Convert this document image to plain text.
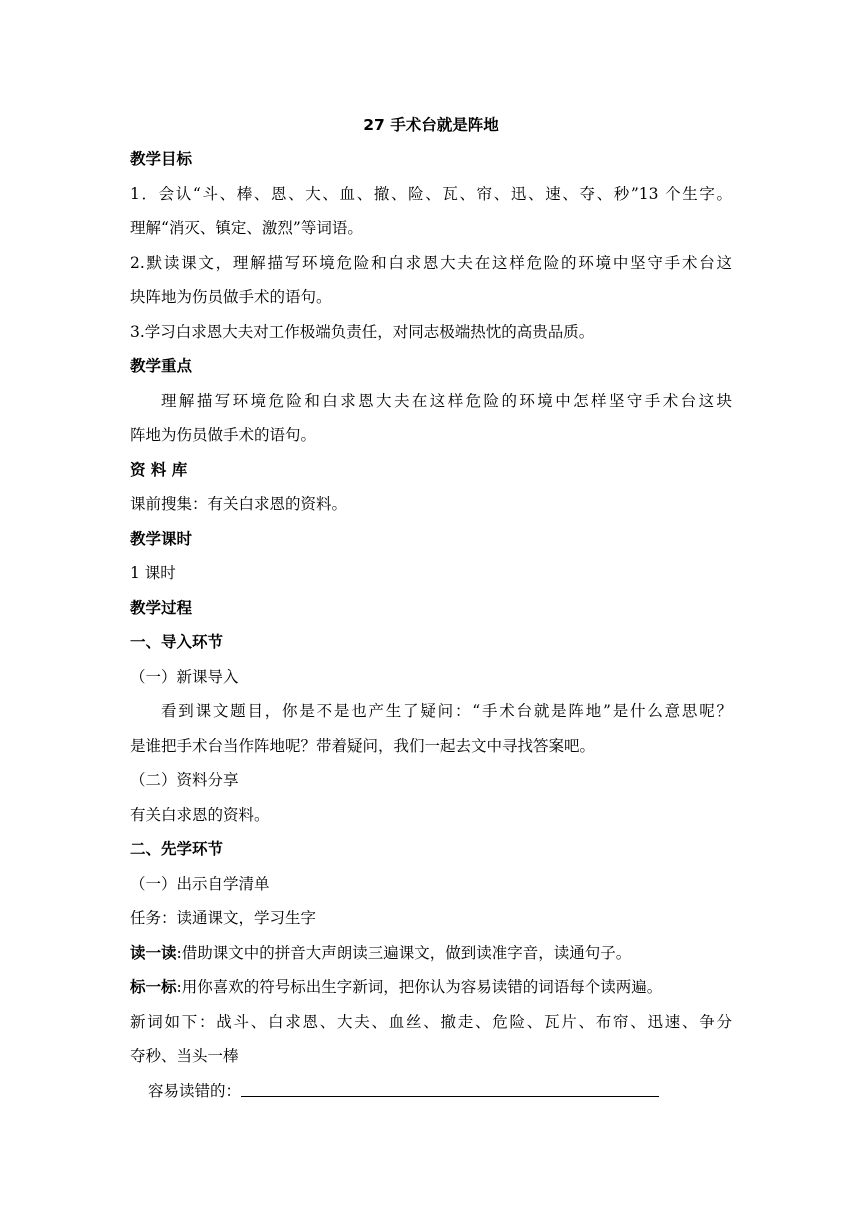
27 手术台就是阵地
教学目标
1．会认“斗、棒、恩、大、血、撤、险、瓦、帘、迅、速、夺、秒”13 个生字。
理解“消灭、镇定、激烈”等词语。
2.默读课文，理解描写环境危险和白求恩大夫在这样危险的环境中坚守手术台这
块阵地为伤员做手术的语句。
3.学习白求恩大夫对工作极端负责任，对同志极端热忱的高贵品质。
教学重点
理解描写环境危险和白求恩大夫在这样危险的环境中怎样坚守手术台这块
阵地为伤员做手术的语句。
资 料 库
课前搜集：有关白求恩的资料。
教学课时
1 课时
教学过程
一、导入环节
（一）新课导入
看到课文题目，你是不是也产生了疑问：“手术台就是阵地”是什么意思呢？
是谁把手术台当作阵地呢？带着疑问，我们一起去文中寻找答案吧。
（二）资料分享
有关白求恩的资料。
二、先学环节
（一）出示自学清单
任务：读通课文，学习生字
读一读:借助课文中的拼音大声朗读三遍课文，做到读准字音，读通句子。
标一标:用你喜欢的符号标出生字新词，把你认为容易读错的词语每个读两遍。
新词如下：战斗、白求恩、大夫、血丝、撤走、危险、瓦片、布帘、迅速、争分
夺秒、当头一棒
容易读错的：
